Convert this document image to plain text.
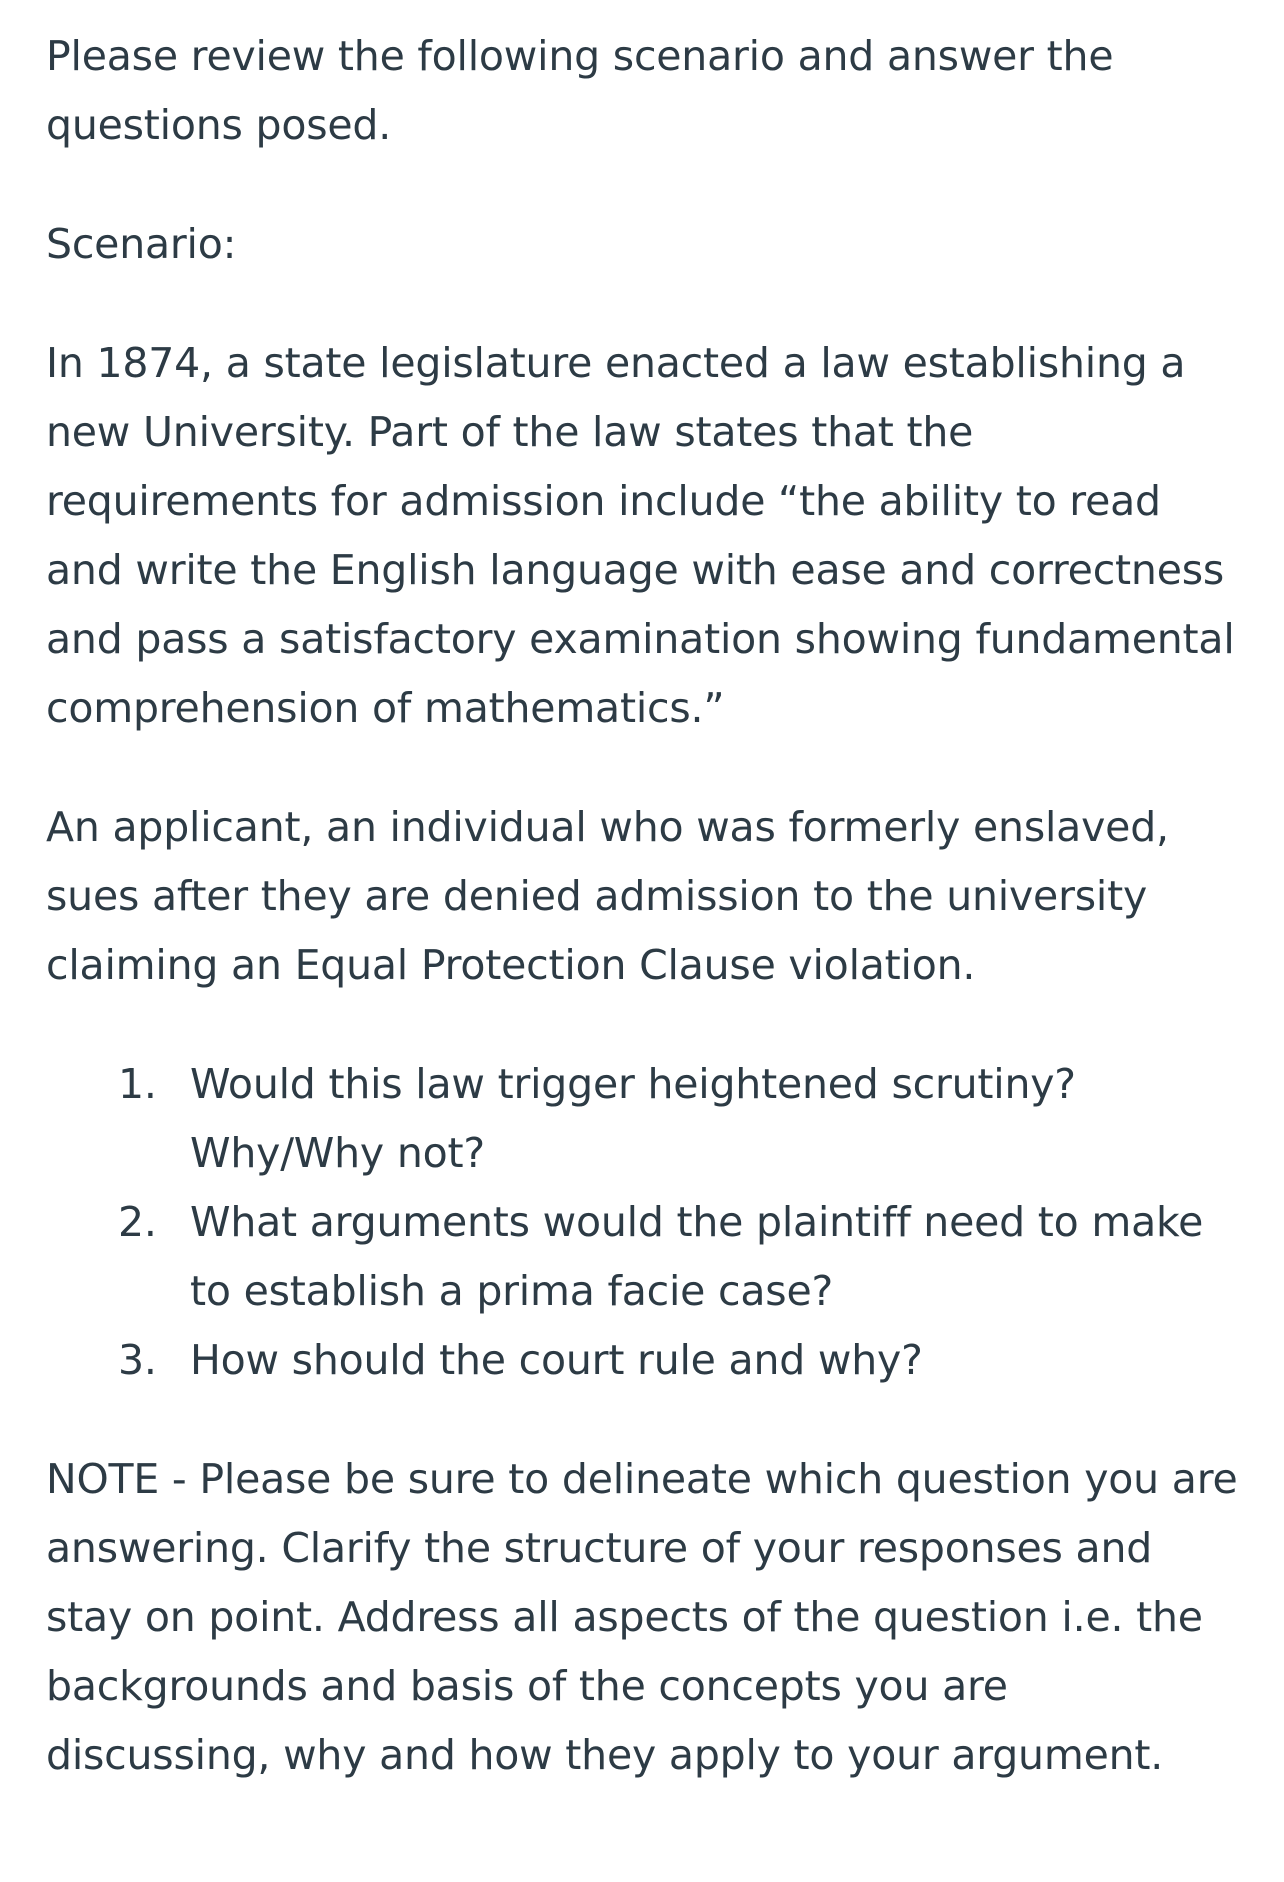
Please review the following scenario and answer the questions posed.

Scenario:

In 1874, a state legislature enacted a law establishing a new University. Part of the law states that the requirements for admission include “the ability to read and write the English language with ease and correctness and pass a satisfactory examination showing fundamental comprehension of mathematics.”

An applicant, an individual who was formerly enslaved, sues after they are denied admission to the university claiming an Equal Protection Clause violation.

1. Would this law trigger heightened scrutiny? Why/Why not?
2. What arguments would the plaintiff need to make to establish a prima facie case?
3. How should the court rule and why?

NOTE - Please be sure to delineate which question you are answering. Clarify the structure of your responses and stay on point. Address all aspects of the question i.e. the backgrounds and basis of the concepts you are discussing, why and how they apply to your argument.
